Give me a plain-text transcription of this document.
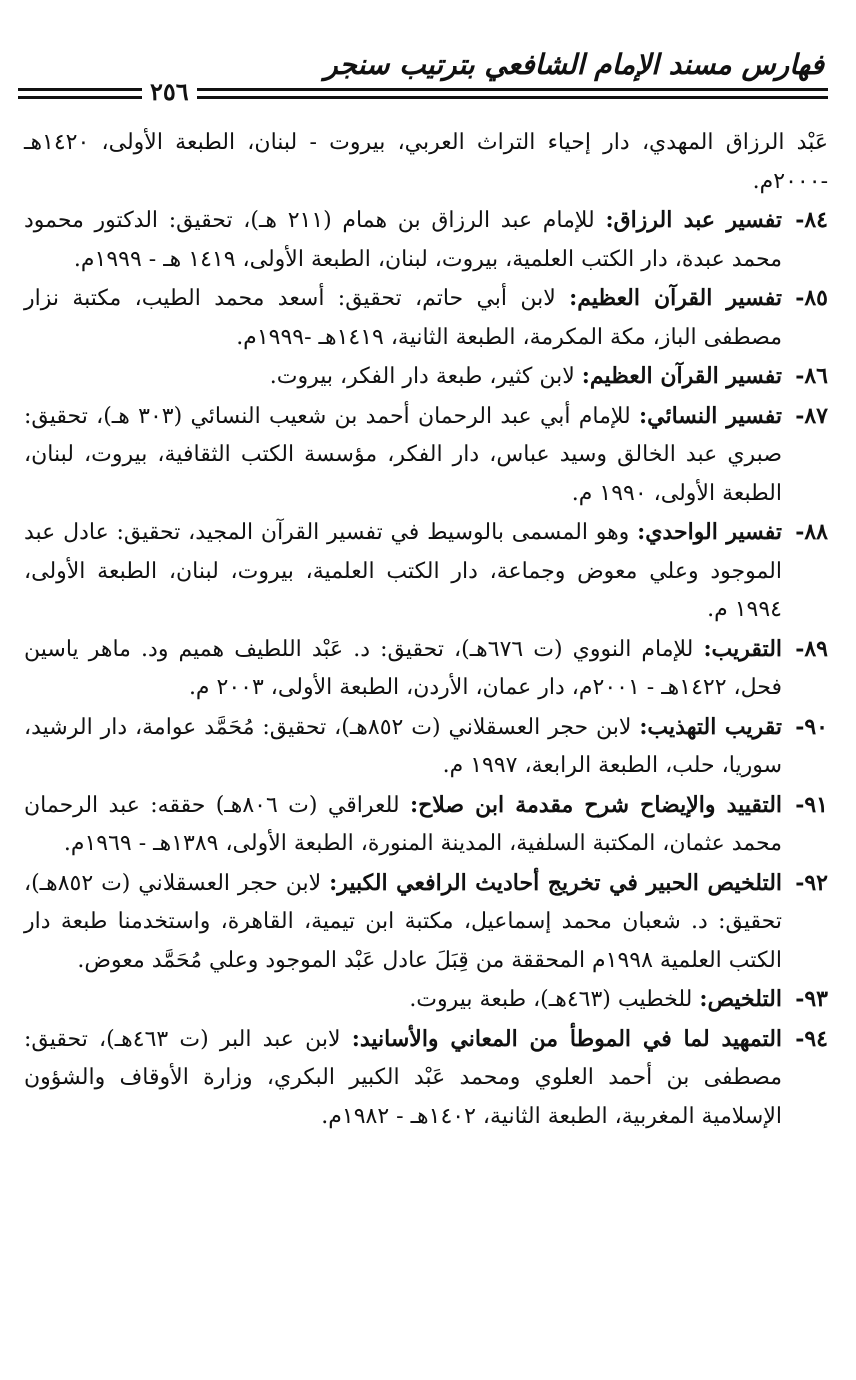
فهارس مسند الإمام الشافعي بترتيب سنجر
٢٥٦

عَبْد الرزاق المهدي، دار إحياء التراث العربي، بيروت - لبنان، الطبعة الأولى، ١٤٢٠هـ -٢٠٠٠م.

٨٤-
تفسير عبد الرزاق: للإمام عبد الرزاق بن همام (٢١١ هـ)، تحقيق: الدكتور محمود محمد عبدة، دار الكتب العلمية، بيروت، لبنان، الطبعة الأولى، ١٤١٩ هـ - ١٩٩٩م.

٨٥-
تفسير القرآن العظيم: لابن أبي حاتم، تحقيق: أسعد محمد الطيب، مكتبة نزار مصطفى الباز، مكة المكرمة، الطبعة الثانية، ١٤١٩هـ -١٩٩٩م.

٨٦-
تفسير القرآن العظيم: لابن كثير، طبعة دار الفكر، بيروت.

٨٧-
تفسير النسائي: للإمام أبي عبد الرحمان أحمد بن شعيب النسائي (٣٠٣ هـ)، تحقيق: صبري عبد الخالق وسيد عباس، دار الفكر، مؤسسة الكتب الثقافية، بيروت، لبنان، الطبعة الأولى، ١٩٩٠ م.

٨٨-
تفسير الواحدي: وهو المسمى بالوسيط في تفسير القرآن المجيد، تحقيق: عادل عبد الموجود وعلي معوض وجماعة، دار الكتب العلمية، بيروت، لبنان، الطبعة الأولى، ١٩٩٤ م.

٨٩-
التقريب: للإمام النووي (ت ٦٧٦هـ)، تحقيق: د. عَبْد اللطيف هميم ود. ماهر ياسين فحل، ١٤٢٢هـ - ٢٠٠١م، دار عمان، الأردن، الطبعة الأولى، ٢٠٠٣ م.

٩٠-
تقريب التهذيب: لابن حجر العسقلاني (ت ٨٥٢هـ)، تحقيق: مُحَمَّد عوامة، دار الرشيد، سوريا، حلب، الطبعة الرابعة، ١٩٩٧ م.

٩١-
التقييد والإيضاح شرح مقدمة ابن صلاح: للعراقي (ت ٨٠٦هـ) حققه: عبد الرحمان محمد عثمان، المكتبة السلفية، المدينة المنورة، الطبعة الأولى، ١٣٨٩هـ - ١٩٦٩م.

٩٢-
التلخيص الحبير في تخريج أحاديث الرافعي الكبير: لابن حجر العسقلاني (ت ٨٥٢هـ)، تحقيق: د. شعبان محمد إسماعيل، مكتبة ابن تيمية، القاهرة، واستخدمنا طبعة دار الكتب العلمية ١٩٩٨م المحققة من قِبَلَ عادل عَبْد الموجود وعلي مُحَمَّد معوض.

٩٣-
التلخيص: للخطيب (٤٦٣هـ)، طبعة بيروت.

٩٤-
التمهيد لما في الموطأ من المعاني والأسانيد: لابن عبد البر (ت ٤٦٣هـ)، تحقيق: مصطفى بن أحمد العلوي ومحمد عَبْد الكبير البكري، وزارة الأوقاف والشؤون الإسلامية المغربية، الطبعة الثانية، ١٤٠٢هـ - ١٩٨٢م.
